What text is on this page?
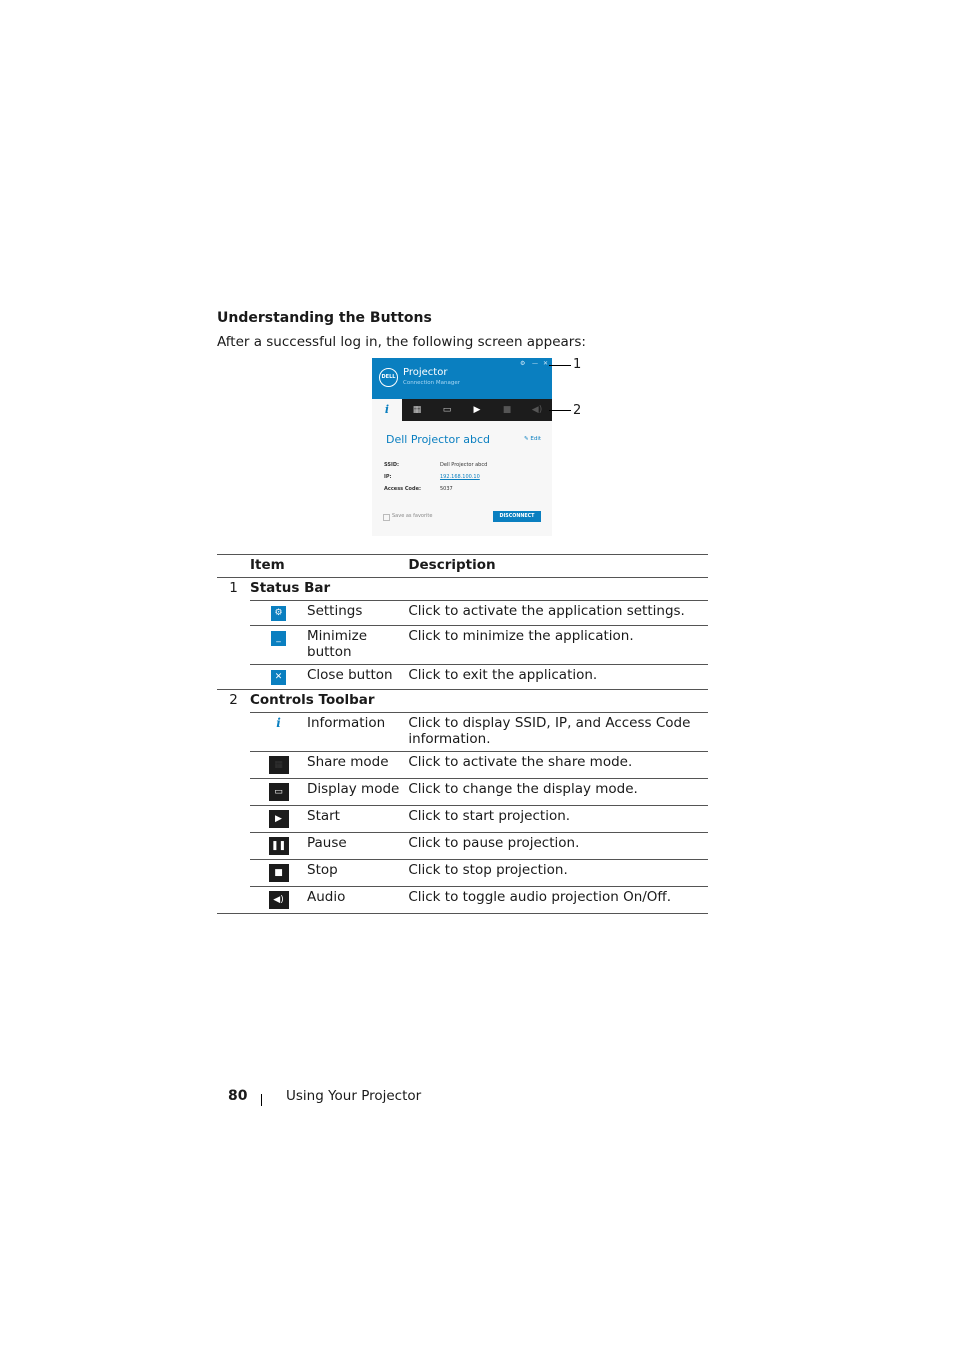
Understanding the Buttons
After a successful log in, the following screen appears:
DELL Projector
Connection Manager
⚙ — ✕
i	▦	▭	▶	■	◀)
Dell Projector abcd	✎ Edit
SSID:	Dell Projector abcd
IP:	192.168.100.10
Access Code:	5037
Save as favorite	DISCONNECT
1
2
	Item		Description
1	Status Bar		
	⚙	Settings	Click to activate the application settings.
	_	Minimize button	Click to minimize the application.
	✕	Close button	Click to exit the application.
2	Controls Toolbar		
	i	Information	Click to display SSID, IP, and Access Code information.
	▦	Share mode	Click to activate the share mode.
	▭	Display mode	Click to change the display mode.
	▶	Start	Click to start projection.
	❚❚	Pause	Click to pause projection.
	■	Stop	Click to stop projection.
	◀)	Audio	Click to toggle audio projection On/Off.
80	Using Your Projector
